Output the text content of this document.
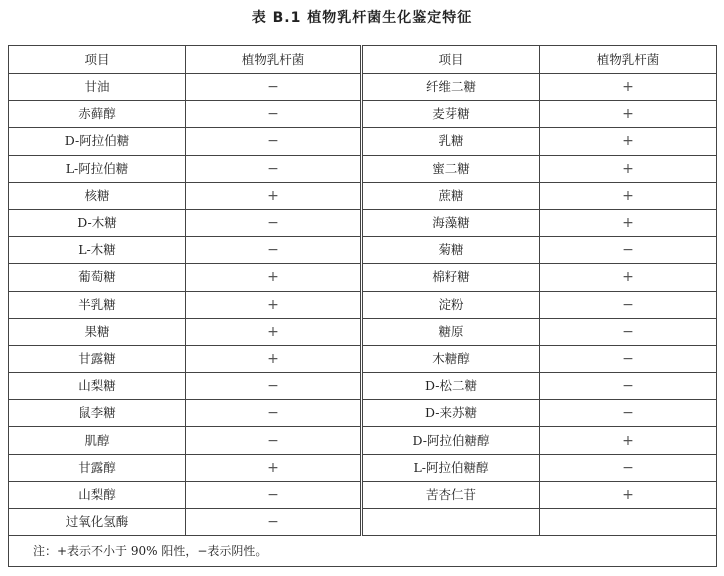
表 B.1 植物乳杆菌生化鉴定特征
项目	植物乳杆菌	项目	植物乳杆菌
甘油	−	纤维二糖	+
赤藓醇	−	麦芽糖	+
D-阿拉伯糖	−	乳糖	+
L-阿拉伯糖	−	蜜二糖	+
核糖	+	蔗糖	+
D-木糖	−	海藻糖	+
L-木糖	−	菊糖	−
葡萄糖	+	棉籽糖	+
半乳糖	+	淀粉	−
果糖	+	糖原	−
甘露糖	+	木糖醇	−
山梨糖	−	D-松二糖	−
鼠李糖	−	D-来苏糖	−
肌醇	−	D-阿拉伯糖醇	+
甘露醇	+	L-阿拉伯糖醇	−
山梨醇	−	苦杏仁苷	+
过氧化氢酶	−		
注：+表示不小于 90% 阳性，−表示阴性。			
